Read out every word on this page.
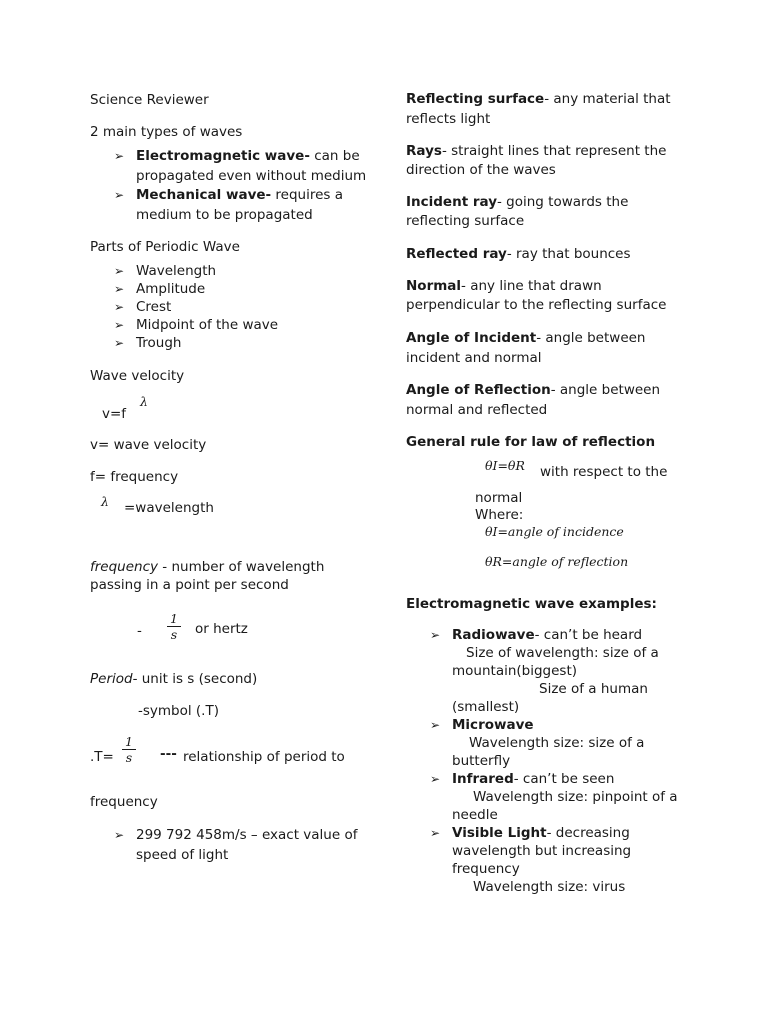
Science Reviewer

2 main types of waves

➢ Electromagnetic wave- can be propagated even without medium
➢ Mechanical wave- requires a medium to be propagated

Parts of Periodic Wave

➢ Wavelength
➢ Amplitude
➢ Crest
➢ Midpoint of the wave
➢ Trough

Wave velocity

v=f
λ

v= wave velocity

f= frequency

λ =wavelength

frequency - number of wavelength passing in a point per second

- $\frac{1}{s}$ or hertz

Period- unit is s (second)

-symbol (.T)

$.T= \frac{1}{s}$ --- relationship of period to

frequency

➢ 299 792 458m/s – exact value of speed of light

Reflecting surface- any material that reflects light

Rays- straight lines that represent the direction of the waves

Incident ray- going towards the reflecting surface

Reflected ray- ray that bounces

Normal- any line that drawn perpendicular to the reflecting surface

Angle of Incident- angle between incident and normal

Angle of Reflection- angle between normal and reflected

General rule for law of reflection

θI=θR with respect to the
normal
Where:
θI=angle of incidence
θR=angle of reflection

Electromagnetic wave examples:

➢ Radiowave- can’t be heard
Size of wavelength: size of a mountain(biggest)
Size of a human
(smallest)
➢ Microwave
Wavelength size: size of a butterfly
➢ Infrared- can’t be seen
Wavelength size: pinpoint of a needle
➢ Visible Light- decreasing wavelength but increasing frequency
Wavelength size: virus
